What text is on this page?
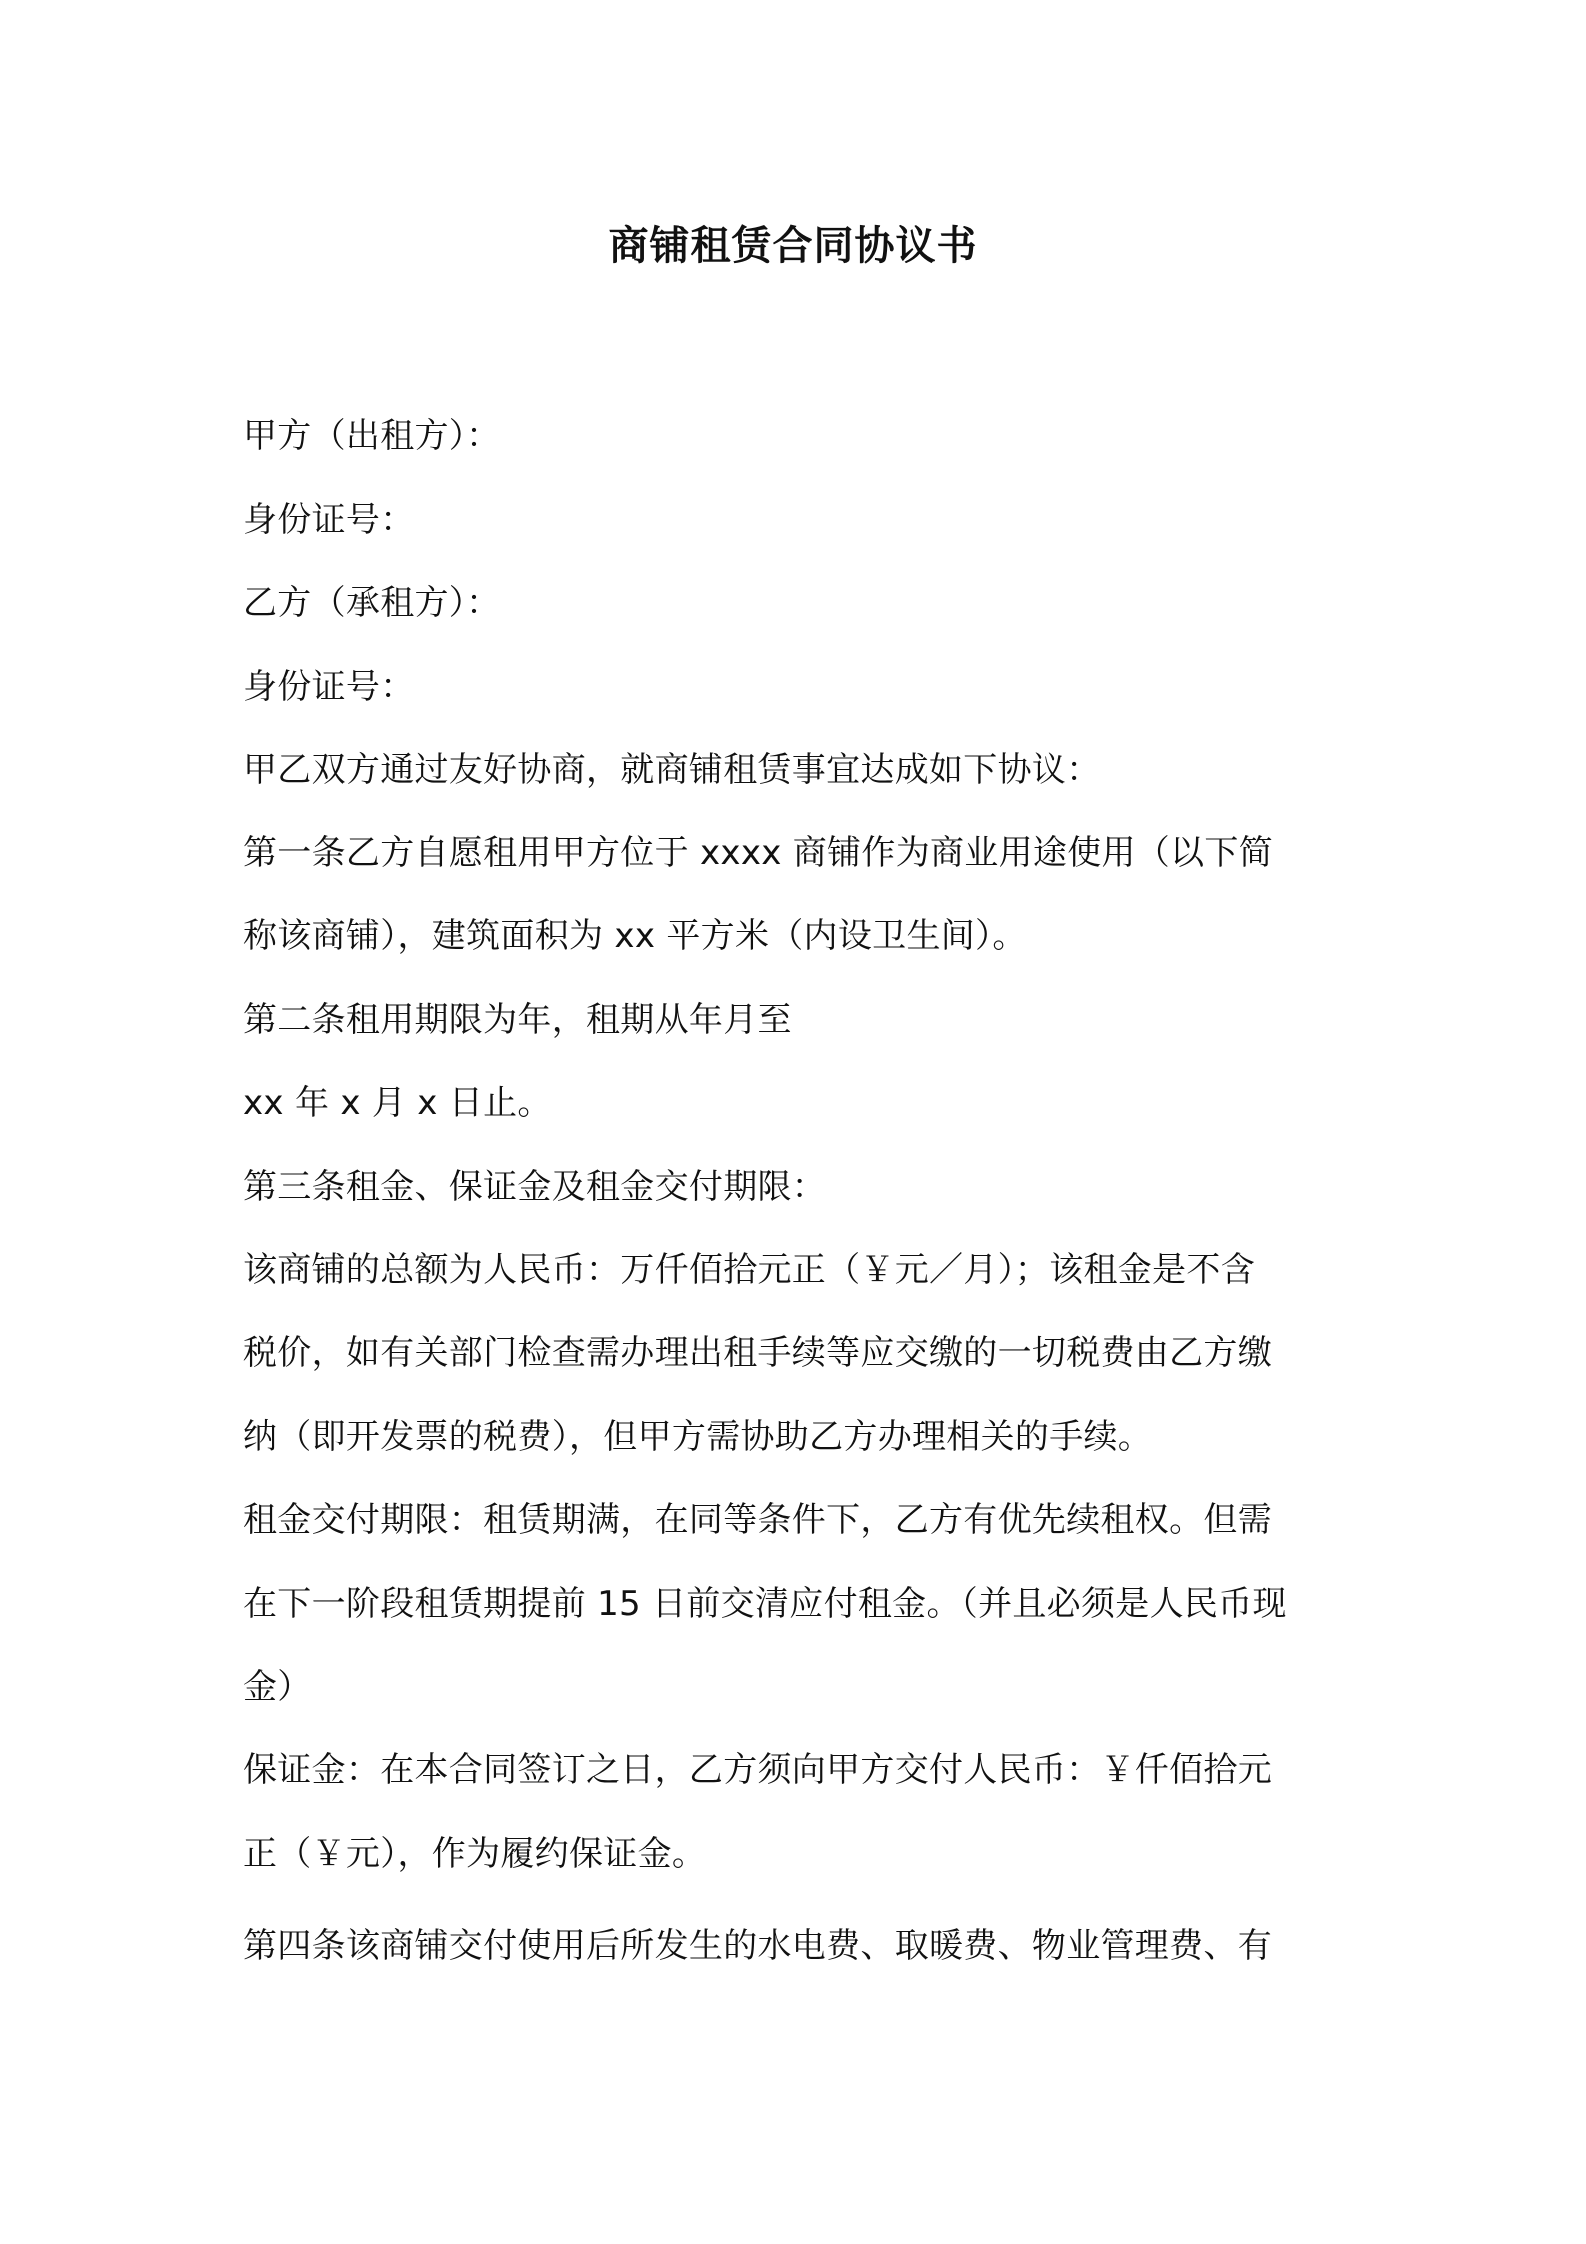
商铺租赁合同协议书
甲方（出租方）：
身份证号：
乙方（承租方）：
身份证号：
甲乙双方通过友好协商，就商铺租赁事宜达成如下协议：
第一条乙方自愿租用甲方位于 xxxx 商铺作为商业用途使用（以下简
称该商铺），建筑面积为 xx 平方米（内设卫生间）。
第二条租用期限为年，租期从年月至
xx 年 x 月 x 日止。
第三条租金、保证金及租金交付期限：
该商铺的总额为人民币：万仟佰拾元正（￥元／月）；该租金是不含
税价，如有关部门检查需办理出租手续等应交缴的一切税费由乙方缴
纳（即开发票的税费），但甲方需协助乙方办理相关的手续。
租金交付期限：租赁期满，在同等条件下，乙方有优先续租权。但需
在下一阶段租赁期提前 15 日前交清应付租金。（并且必须是人民币现
金）
保证金：在本合同签订之日，乙方须向甲方交付人民币：￥仟佰拾元
正（￥元），作为履约保证金。
第四条该商铺交付使用后所发生的水电费、取暖费、物业管理费、有
